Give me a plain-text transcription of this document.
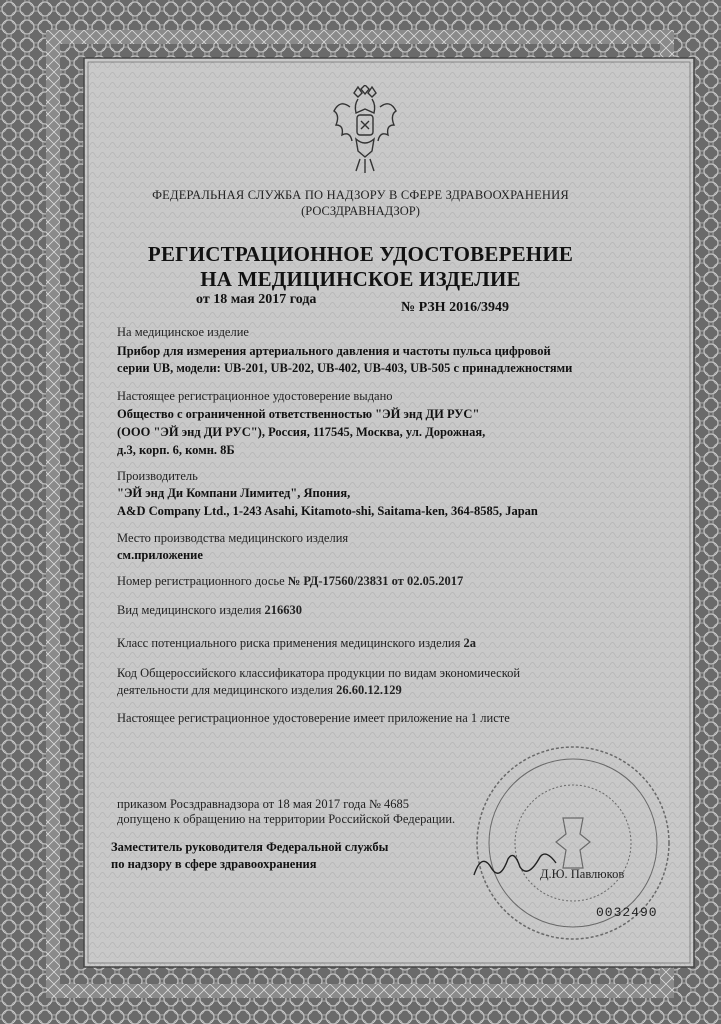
ФЕДЕРАЛЬНАЯ СЛУЖБА ПО НАДЗОРУ В СФЕРЕ ЗДРАВООХРАНЕНИЯ
(РОСЗДРАВНАДЗОР)
РЕГИСТРАЦИОННОЕ УДОСТОВЕРЕНИЕ
НА МЕДИЦИНСКОЕ ИЗДЕЛИЕ
от 18 мая 2017 года
№ РЗН 2016/3949
На медицинское изделие
Прибор для измерения артериального давления и частоты пульса цифровой
серии UB, модели: UB-201, UB-202, UB-402, UB-403, UB-505 с принадлежностями
Настоящее регистрационное удостоверение выдано
Общество с ограниченной ответственностью "ЭЙ энд ДИ РУС"
(ООО "ЭЙ энд ДИ РУС"), Россия, 117545, Москва, ул. Дорожная,
д.3, корп. 6, комн. 8Б
Производитель
"ЭЙ энд Ди Компани Лимитед", Япония,
A&D Company Ltd., 1-243 Asahi, Kitamoto-shi, Saitama-ken, 364-8585, Japan
Место производства медицинского изделия
см.приложение
Номер регистрационного досье № РД-17560/23831 от 02.05.2017
Вид медицинского изделия 216630
Класс потенциального риска применения медицинского изделия 2а
Код Общероссийского классификатора продукции по видам экономической
деятельности для медицинского изделия 26.60.12.129
Настоящее регистрационное удостоверение имеет приложение на 1 листе
приказом Росздравнадзора от 18 мая 2017 года № 4685
допущено к обращению на территории Российской Федерации.
Заместитель руководителя Федеральной службы
по надзору в сфере здравоохранения
Д.Ю. Павлюков
0032490
